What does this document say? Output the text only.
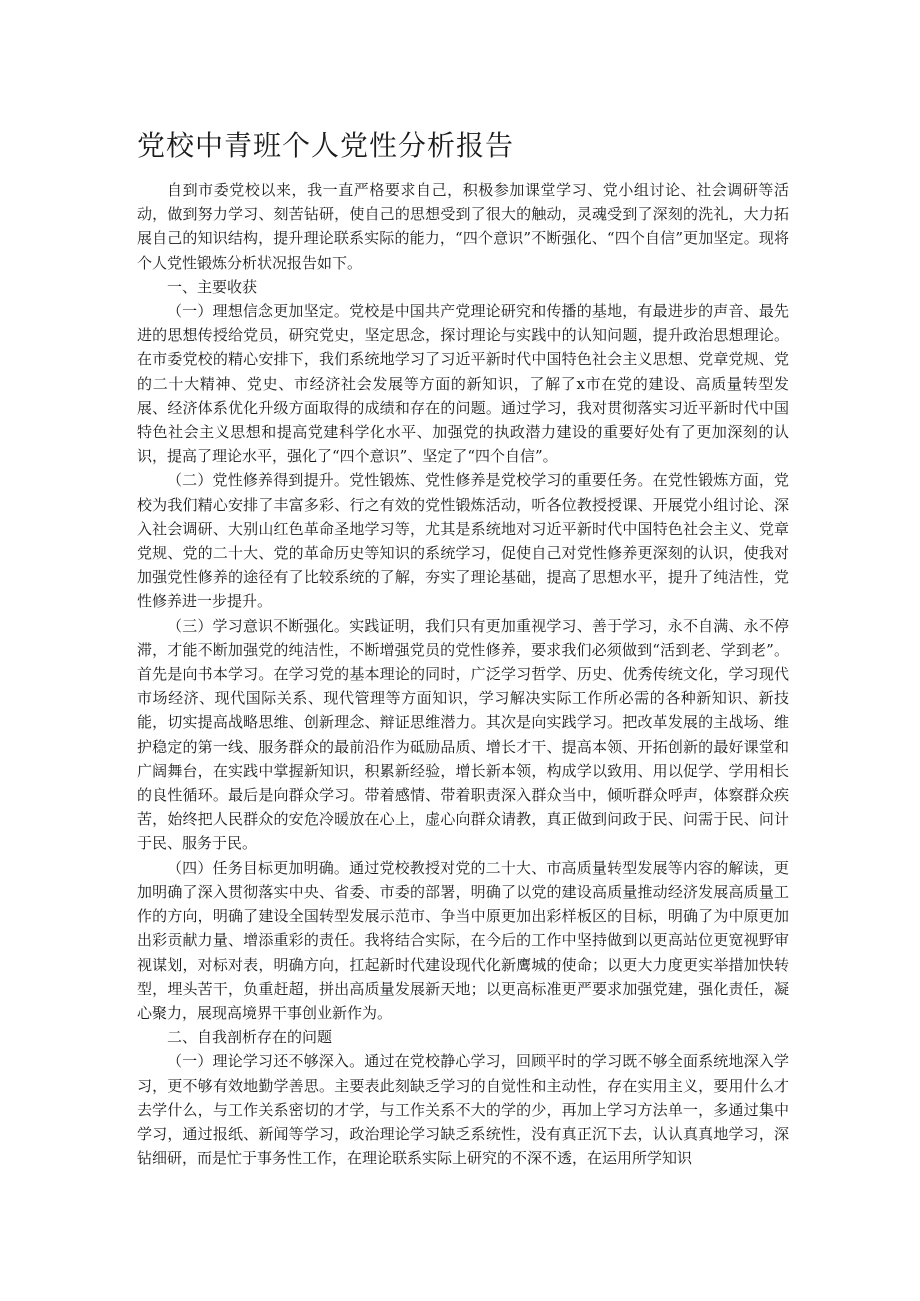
党校中青班个人党性分析报告

自到市委党校以来，我一直严格要求自己，积极参加课堂学习、党小组讨论、社会调研等活动，做到努力学习、刻苦钻研，使自己的思想受到了很大的触动，灵魂受到了深刻的洗礼，大力拓展自己的知识结构，提升理论联系实际的能力，“四个意识”不断强化、“四个自信”更加坚定。现将个人党性锻炼分析状况报告如下。

一、主要收获

（一）理想信念更加坚定。党校是中国共产党理论研究和传播的基地，有最进步的声音、最先进的思想传授给党员，研究党史，坚定思念，探讨理论与实践中的认知问题，提升政治思想理论。在市委党校的精心安排下，我们系统地学习了习近平新时代中国特色社会主义思想、党章党规、党的二十大精神、党史、市经济社会发展等方面的新知识，了解了x市在党的建设、高质量转型发展、经济体系优化升级方面取得的成绩和存在的问题。通过学习，我对贯彻落实习近平新时代中国特色社会主义思想和提高党建科学化水平、加强党的执政潜力建设的重要好处有了更加深刻的认识，提高了理论水平，强化了“四个意识”、坚定了“四个自信”。

（二）党性修养得到提升。党性锻炼、党性修养是党校学习的重要任务。在党性锻炼方面，党校为我们精心安排了丰富多彩、行之有效的党性锻炼活动，听各位教授授课、开展党小组讨论、深入社会调研、大别山红色革命圣地学习等，尤其是系统地对习近平新时代中国特色社会主义、党章党规、党的二十大、党的革命历史等知识的系统学习，促使自己对党性修养更深刻的认识，使我对加强党性修养的途径有了比较系统的了解，夯实了理论基础，提高了思想水平，提升了纯洁性，党性修养进一步提升。

（三）学习意识不断强化。实践证明，我们只有更加重视学习、善于学习，永不自满、永不停滞，才能不断加强党的纯洁性，不断增强党员的党性修养，要求我们必须做到“活到老、学到老”。首先是向书本学习。在学习党的基本理论的同时，广泛学习哲学、历史、优秀传统文化，学习现代市场经济、现代国际关系、现代管理等方面知识，学习解决实际工作所必需的各种新知识、新技能，切实提高战略思维、创新理念、辩证思维潜力。其次是向实践学习。把改革发展的主战场、维护稳定的第一线、服务群众的最前沿作为砥励品质、增长才干、提高本领、开拓创新的最好课堂和广阔舞台，在实践中掌握新知识，积累新经验，增长新本领，构成学以致用、用以促学、学用相长的良性循环。最后是向群众学习。带着感情、带着职责深入群众当中，倾听群众呼声，体察群众疾苦，始终把人民群众的安危冷暖放在心上，虚心向群众请教，真正做到问政于民、问需于民、问计于民、服务于民。

（四）任务目标更加明确。通过党校教授对党的二十大、市高质量转型发展等内容的解读，更加明确了深入贯彻落实中央、省委、市委的部署，明确了以党的建设高质量推动经济发展高质量工作的方向，明确了建设全国转型发展示范市、争当中原更加出彩样板区的目标，明确了为中原更加出彩贡献力量、增添重彩的责任。我将结合实际，在今后的工作中坚持做到以更高站位更宽视野审视谋划，对标对表，明确方向，扛起新时代建设现代化新鹰城的使命；以更大力度更实举措加快转型，埋头苦干，负重赶超，拼出高质量发展新天地；以更高标准更严要求加强党建，强化责任，凝心聚力，展现高境界干事创业新作为。

二、自我剖析存在的问题

（一）理论学习还不够深入。通过在党校静心学习，回顾平时的学习既不够全面系统地深入学习，更不够有效地勤学善思。主要表此刻缺乏学习的自觉性和主动性，存在实用主义，要用什么才去学什么，与工作关系密切的才学，与工作关系不大的学的少，再加上学习方法单一，多通过集中学习，通过报纸、新闻等学习，政治理论学习缺乏系统性，没有真正沉下去，认认真真地学习，深钻细研，而是忙于事务性工作，在理论联系实际上研究的不深不透，在运用所学知识
